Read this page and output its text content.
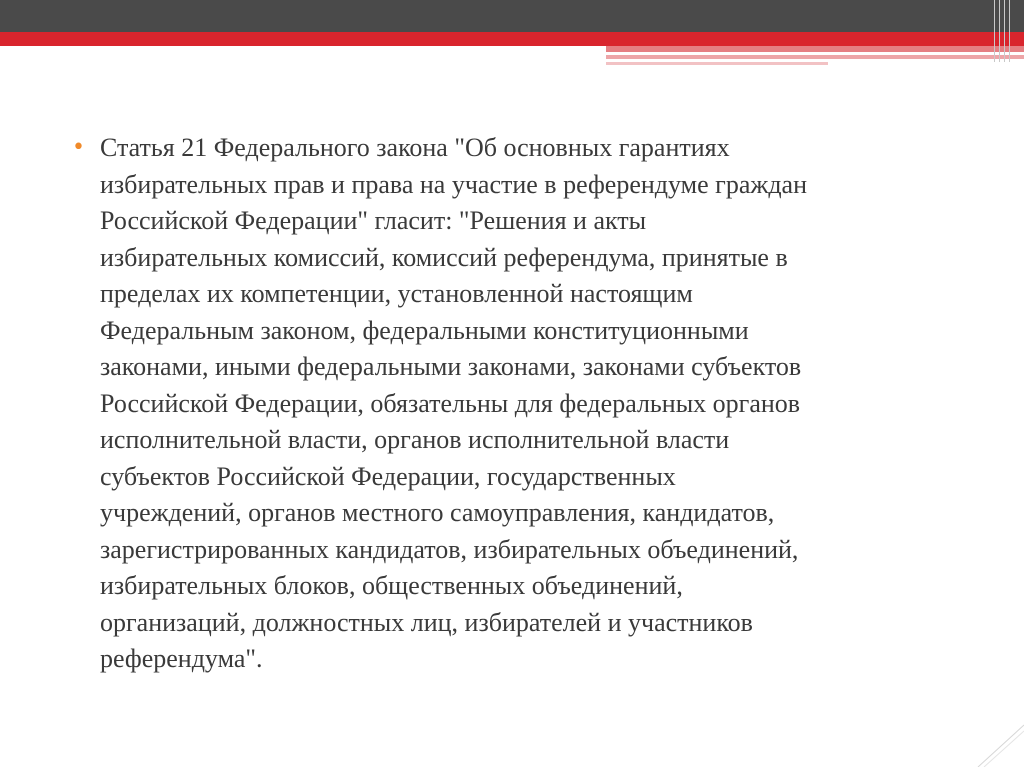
• Статья 21 Федерального закона "Об основных гарантиях
избирательных прав и права на участие в референдуме граждан
Российской Федерации" гласит: "Решения и акты
избирательных комиссий, комиссий референдума, принятые в
пределах их компетенции, установленной настоящим
Федеральным законом, федеральными конституционными
законами, иными федеральными законами, законами субъектов
Российской Федерации, обязательны для федеральных органов
исполнительной власти, органов исполнительной власти
субъектов Российской Федерации, государственных
учреждений, органов местного самоуправления, кандидатов,
зарегистрированных кандидатов, избирательных объединений,
избирательных блоков, общественных объединений,
организаций, должностных лиц, избирателей и участников
референдума".
